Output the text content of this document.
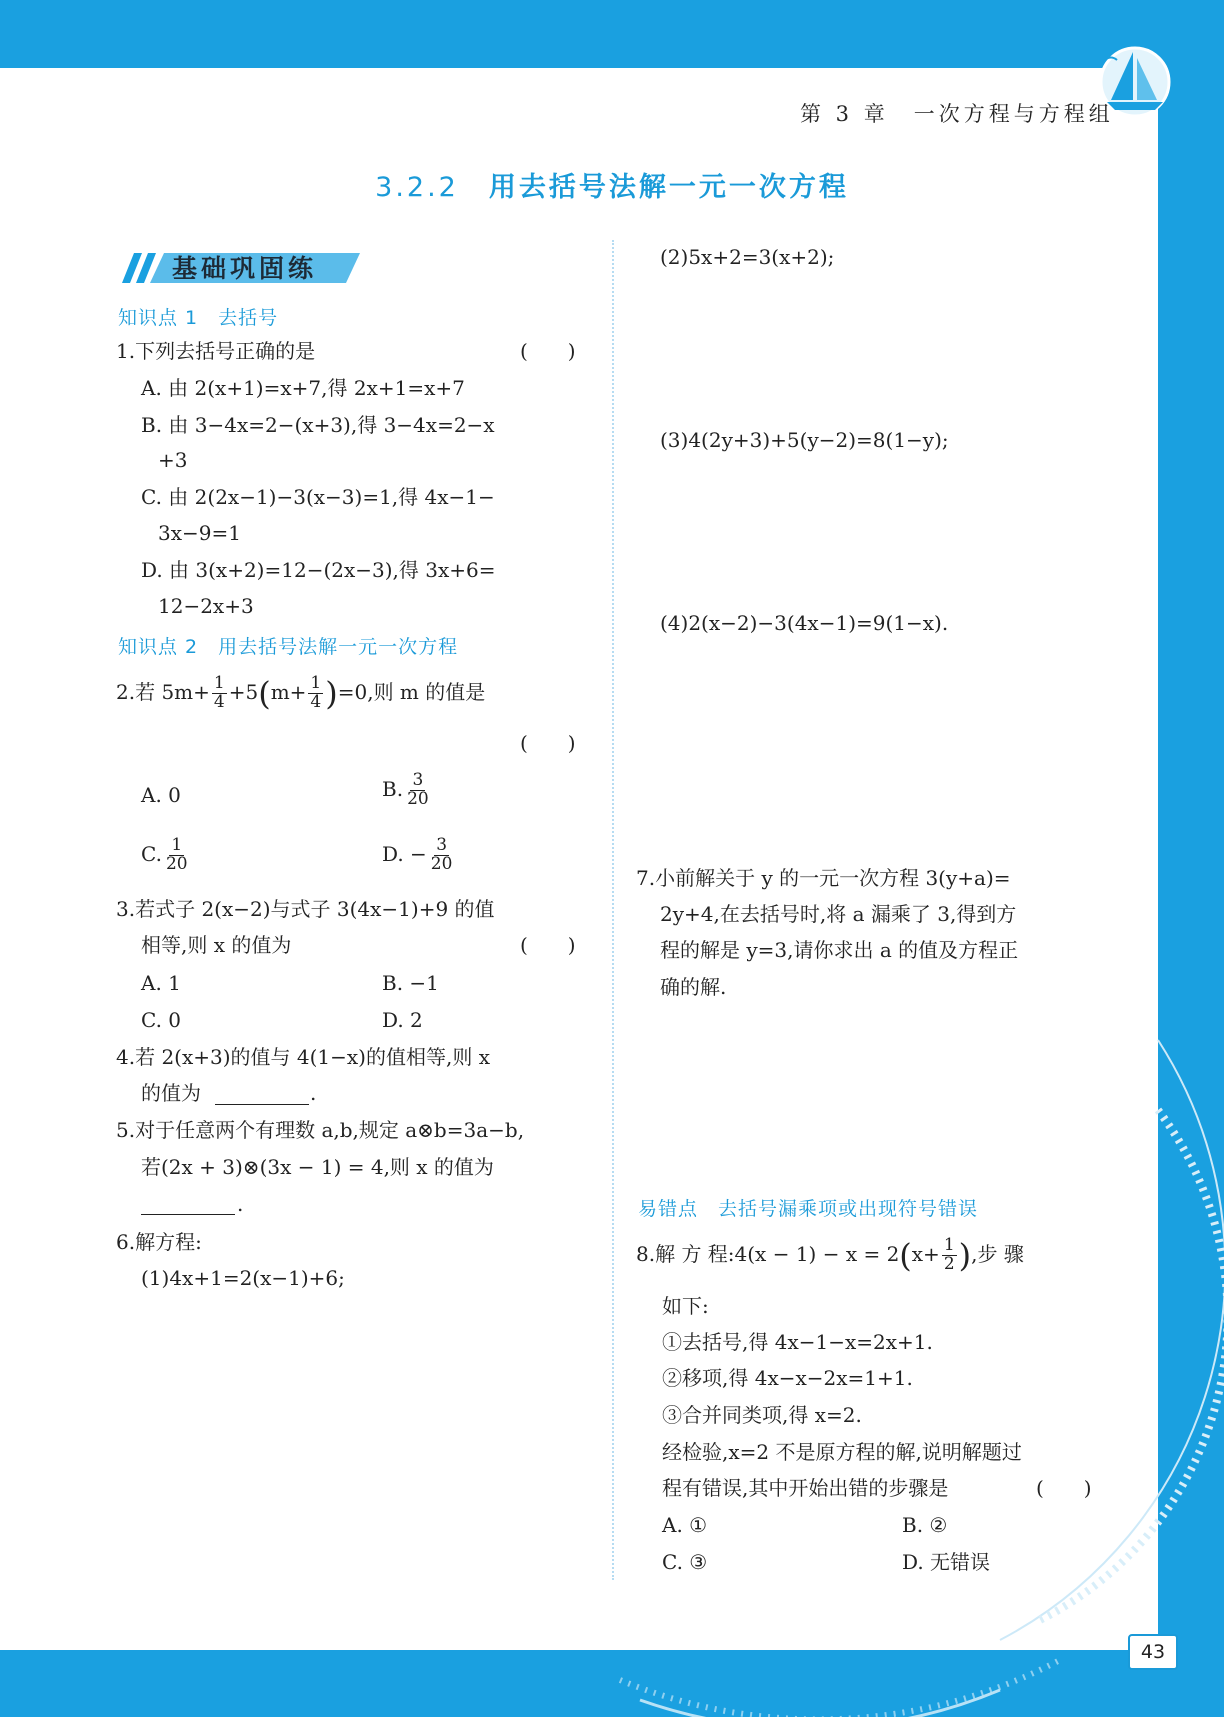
第 3 章　一次方程与方程组
3.2.2 用去括号法解一元一次方程
基础巩固练
知识点 1　去括号
1.下列去括号正确的是	(　　)
A. 由 2(x+1)=x+7,得 2x+1=x+7
B. 由 3−4x=2−(x+3),得 3−4x=2−x
+3
C. 由 2(2x−1)−3(x−3)=1,得 4x−1−
3x−9=1
D. 由 3(x+2)=12−(2x−3),得 3x+6=
12−2x+3
知识点 2　用去括号法解一元一次方程
2.若 $5m+ \frac{1}{4} +5(m+ \frac{1}{4} )=0$,则 m 的值是
(　　)
A. 0	B. $\frac{3}{20}$
C. $\frac{1}{20}$	D. − $\frac{3}{20}$
3.若式子 2(x−2)与式子 3(4x−1)+9 的值
相等,则 x 的值为	(　　)
A. 1	B. −1
C. 0	D. 2
4.若 2(x+3)的值与 4(1−x)的值相等,则 x
的值为	.
5.对于任意两个有理数 a,b,规定 a⊗b=3a−b,
若(2x + 3)⊗(3x − 1) = 4,则 x 的值为
.
6.解方程:
(1)4x+1=2(x−1)+6;
(2)5x+2=3(x+2);
(3)4(2y+3)+5(y−2)=8(1−y);
(4)2(x−2)−3(4x−1)=9(1−x).
7.小前解关于 y 的一元一次方程 3(y+a)=
2y+4,在去括号时,将 a 漏乘了 3,得到方
程的解是 y=3,请你求出 a 的值及方程正
确的解.
易错点　去括号漏乘项或出现符号错误
8.解 方 程:4(x − $1) - x = 2(x+ \frac{1}{2}$ ),步 骤
如下:
①去括号,得 4x−1−x=2x+1.
②移项,得 4x−x−2x=1+1.
③合并同类项,得 x=2.
经检验,x=2 不是原方程的解,说明解题过
程有错误,其中开始出错的步骤是	(　　)
A. ①	B. ②
C. ③	D. 无错误
43
